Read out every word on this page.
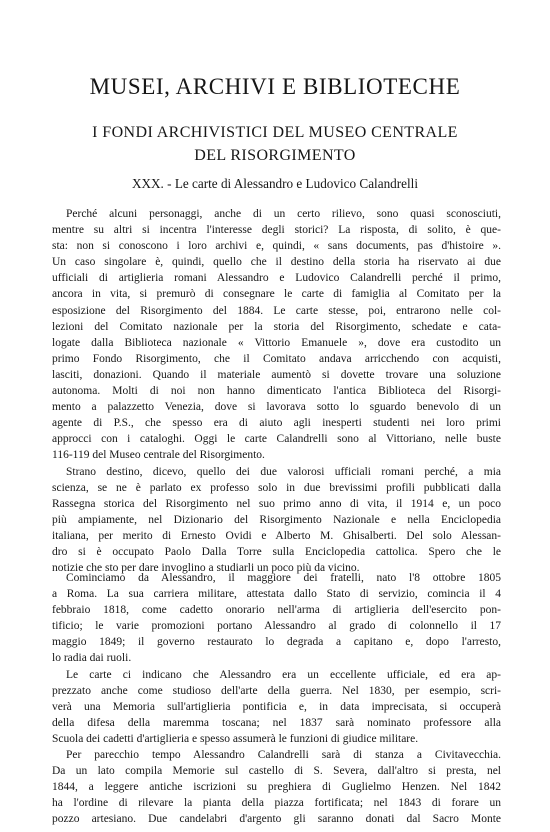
MUSEI, ARCHIVI E BIBLIOTECHE
I FONDI ARCHIVISTICI DEL MUSEO CENTRALE
DEL RISORGIMENTO
XXX. - Le carte di Alessandro e Ludovico Calandrelli

Perché alcuni personaggi, anche di un certo rilievo, sono quasi sconosciuti,

mentre su altri si incentra l'interesse degli storici? La risposta, di solito, è que-

sta: non si conoscono i loro archivi e, quindi, « sans documents, pas d'histoire ».

Un caso singolare è, quindi, quello che il destino della storia ha riservato ai due

ufficiali di artiglieria romani Alessandro e Ludovico Calandrelli perché il primo,

ancora in vita, si premurò di consegnare le carte di famiglia al Comitato per la

esposizione del Risorgimento del 1884. Le carte stesse, poi, entrarono nelle col-

lezioni del Comitato nazionale per la storia del Risorgimento, schedate e cata-

logate dalla Biblioteca nazionale « Vittorio Emanuele », dove era custodito un

primo Fondo Risorgimento, che il Comitato andava arricchendo con acquisti,

lasciti, donazioni. Quando il materiale aumentò si dovette trovare una soluzione

autonoma. Molti di noi non hanno dimenticato l'antica Biblioteca del Risorgi-

mento a palazzetto Venezia, dove si lavorava sotto lo sguardo benevolo di un

agente di P.S., che spesso era di aiuto agli inesperti studenti nei loro primi

approcci con i cataloghi. Oggi le carte Calandrelli sono al Vittoriano, nelle buste

116-119 del Museo centrale del Risorgimento.

Strano destino, dicevo, quello dei due valorosi ufficiali romani perché, a mia

scienza, se ne è parlato ex professo solo in due brevissimi profili pubblicati dalla

Rassegna storica del Risorgimento nel suo primo anno di vita, il 1914 e, un poco

più ampiamente, nel Dizionario del Risorgimento Nazionale e nella Enciclopedia

italiana, per merito di Ernesto Ovidi e Alberto M. Ghisalberti. Del solo Alessan-

dro si è occupato Paolo Dalla Torre sulla Enciclopedia cattolica. Spero che le

notizie che sto per dare invoglino a studiarli un poco più da vicino.

Cominciamo da Alessandro, il maggiore dei fratelli, nato l'8 ottobre 1805

a Roma. La sua carriera militare, attestata dallo Stato di servizio, comincia il 4

febbraio 1818, come cadetto onorario nell'arma di artiglieria dell'esercito pon-

tificio; le varie promozioni portano Alessandro al grado di colonnello il 17

maggio 1849; il governo restaurato lo degrada a capitano e, dopo l'arresto,

lo radia dai ruoli.

Le carte ci indicano che Alessandro era un eccellente ufficiale, ed era ap-

prezzato anche come studioso dell'arte della guerra. Nel 1830, per esempio, scri-

verà una Memoria sull'artiglieria pontificia e, in data imprecisata, si occuperà

della difesa della maremma toscana; nel 1837 sarà nominato professore alla

Scuola dei cadetti d'artiglieria e spesso assumerà le funzioni di giudice militare.

Per parecchio tempo Alessandro Calandrelli sarà di stanza a Civitavecchia.

Da un lato compila Memorie sul castello di S. Severa, dall'altro si presta, nel

1844, a leggere antiche iscrizioni su preghiera di Guglielmo Henzen. Nel 1842

ha l'ordine di rilevare la pianta della piazza fortificata; nel 1843 di forare un

pozzo artesiano. Due candelabri d'argento gli saranno donati dal Sacro Monte
